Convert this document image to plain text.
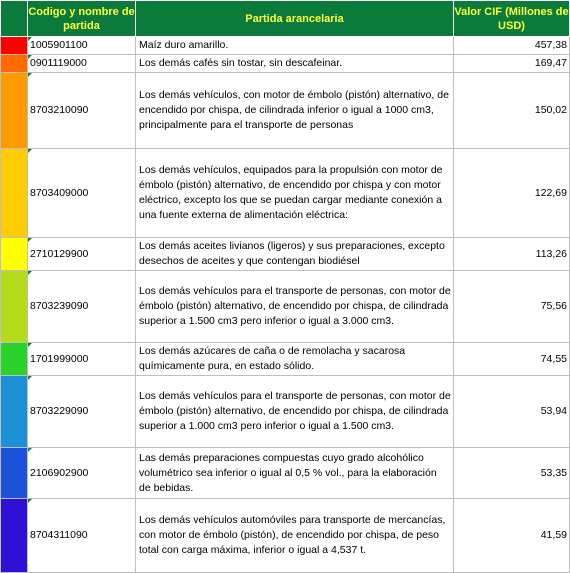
	Codigo y nombre de partida	Partida arancelaria	Valor CIF (Millones de USD)
	1005901100	Maíz duro amarillo.	457,38
	0901119000	Los demás cafés sin tostar, sin descafeinar.	169,47
	8703210090	Los demás vehículos, con motor de émbolo (pistón) alternativo, de encendido por chispa, de cilindrada inferior o igual a 1000 cm3, principalmente para el transporte de personas	150,02
	8703409000	Los demás vehículos, equipados para la propulsión con motor de émbolo (pistón) alternativo, de encendido por chispa y con motor eléctrico, excepto los que se puedan cargar mediante conexión a una fuente externa de alimentación eléctrica:	122,69
	2710129900	Los demás aceites livianos (ligeros) y sus preparaciones, excepto desechos de aceites y que contengan biodiésel	113,26
	8703239090	Los demás vehículos para el transporte de personas, con motor de émbolo (pistón) alternativo, de encendido por chispa, de cilindrada superior a 1.500 cm3 pero inferior o igual a 3.000 cm3.	75,56
	1701999000	Los demás azúcares de caña o de remolacha y sacarosa químicamente pura, en estado sólido.	74,55
	8703229090	Los demás vehículos para el transporte de personas, con motor de émbolo (pistón) alternativo, de encendido por chispa, de cilindrada superior a 1.000 cm3 pero inferior o igual a 1.500 cm3.	53,94
	2106902900	Las demás preparaciones compuestas cuyo grado alcohólico volumétrico sea inferior o igual al 0,5 % vol., para la elaboración de bebidas.	53,35
	8704311090	Los demás vehículos automóviles para transporte de mercancías, con motor de émbolo (pistón), de encendido por chispa, de peso total con carga máxima, inferior o igual a 4,537 t.	41,59
